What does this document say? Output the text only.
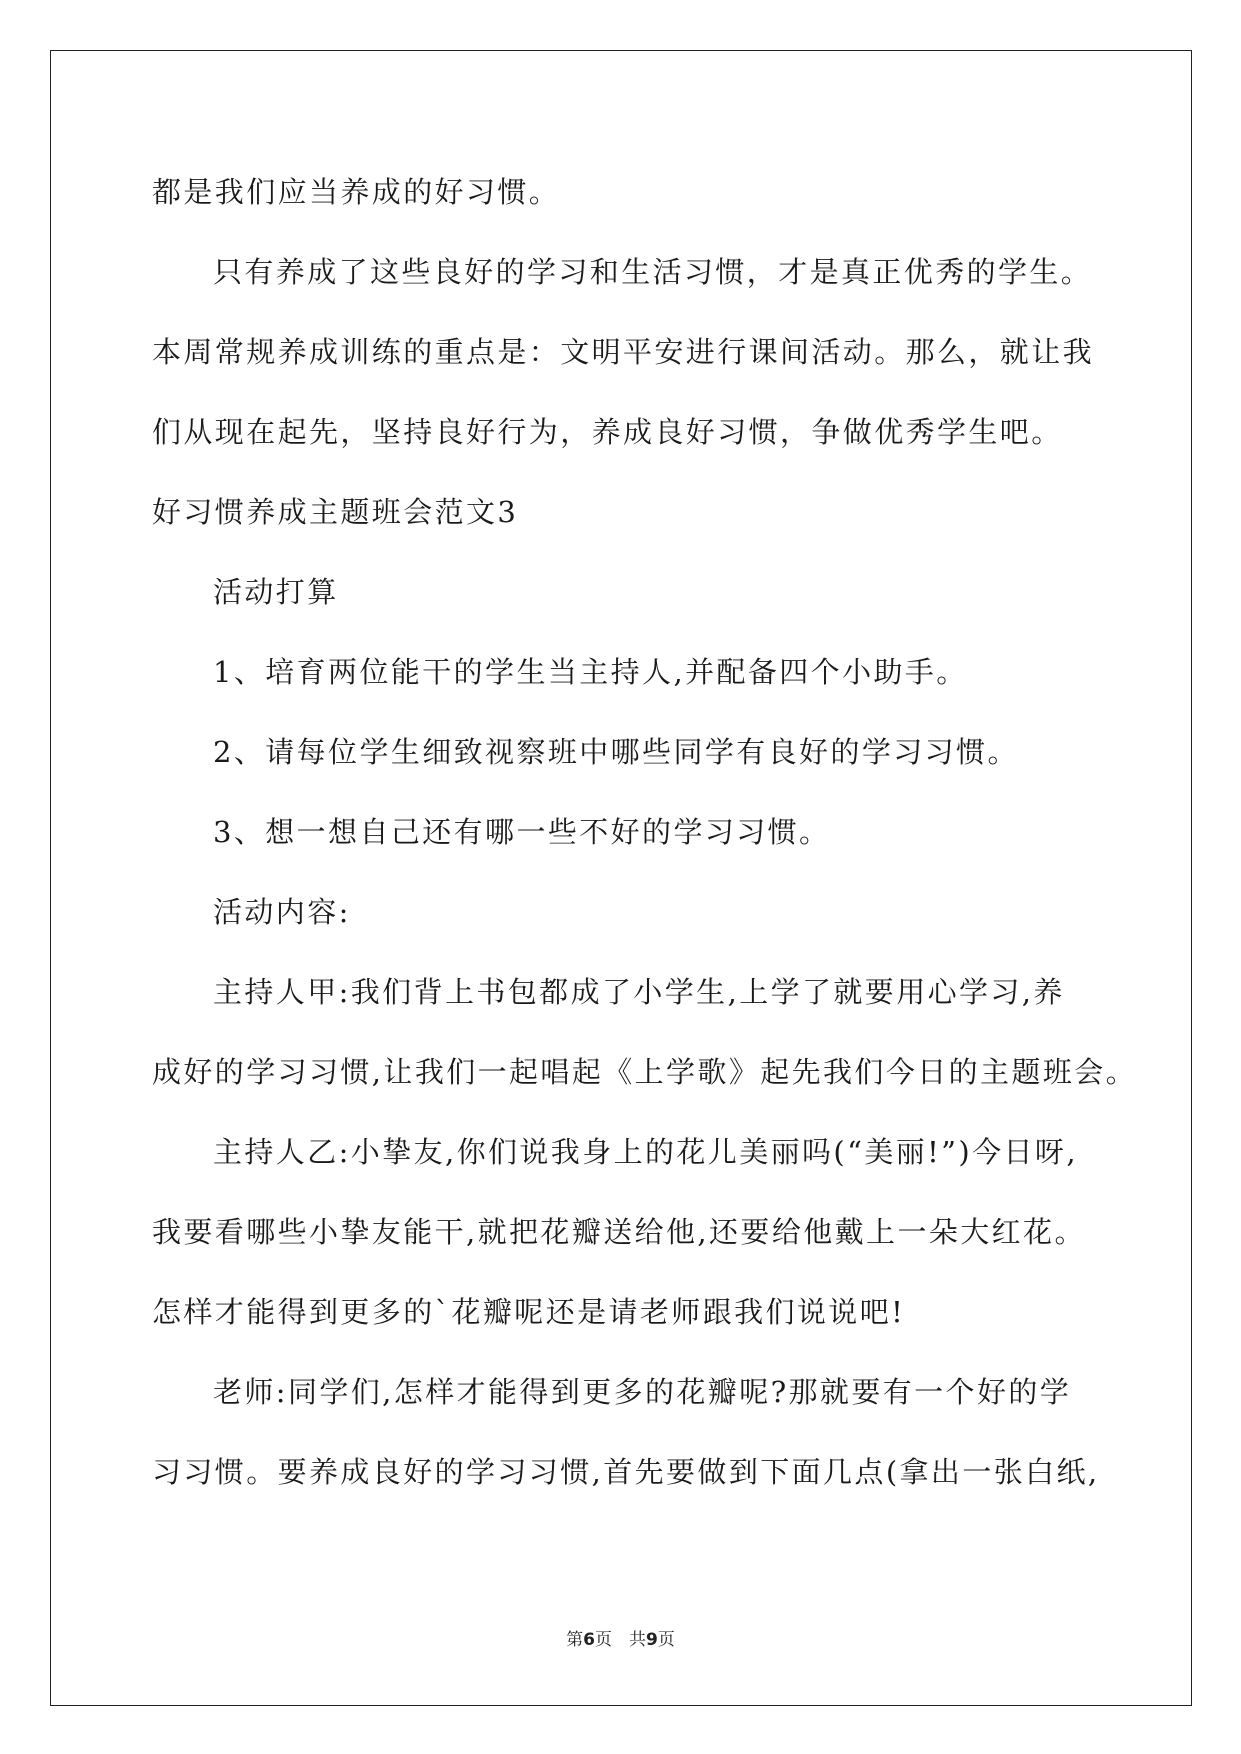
都是我们应当养成的好习惯。
只有养成了这些良好的学习和生活习惯，才是真正优秀的学生。
本周常规养成训练的重点是：文明平安进行课间活动。那么，就让我
们从现在起先，坚持良好行为，养成良好习惯，争做优秀学生吧。
好习惯养成主题班会范文3
活动打算
1、培育两位能干的学生当主持人,并配备四个小助手。
2、请每位学生细致视察班中哪些同学有良好的学习习惯。
3、想一想自己还有哪一些不好的学习习惯。
活动内容:
主持人甲:我们背上书包都成了小学生,上学了就要用心学习,养
成好的学习习惯,让我们一起唱起《上学歌》起先我们今日的主题班会。
主持人乙:小挚友,你们说我身上的花儿美丽吗(“美丽!”)今日呀,
我要看哪些小挚友能干,就把花瓣送给他,还要给他戴上一朵大红花。
怎样才能得到更多的`花瓣呢还是请老师跟我们说说吧!
老师:同学们,怎样才能得到更多的花瓣呢?那就要有一个好的学
习习惯。要养成良好的学习习惯,首先要做到下面几点(拿出一张白纸,
第6页　共9页
